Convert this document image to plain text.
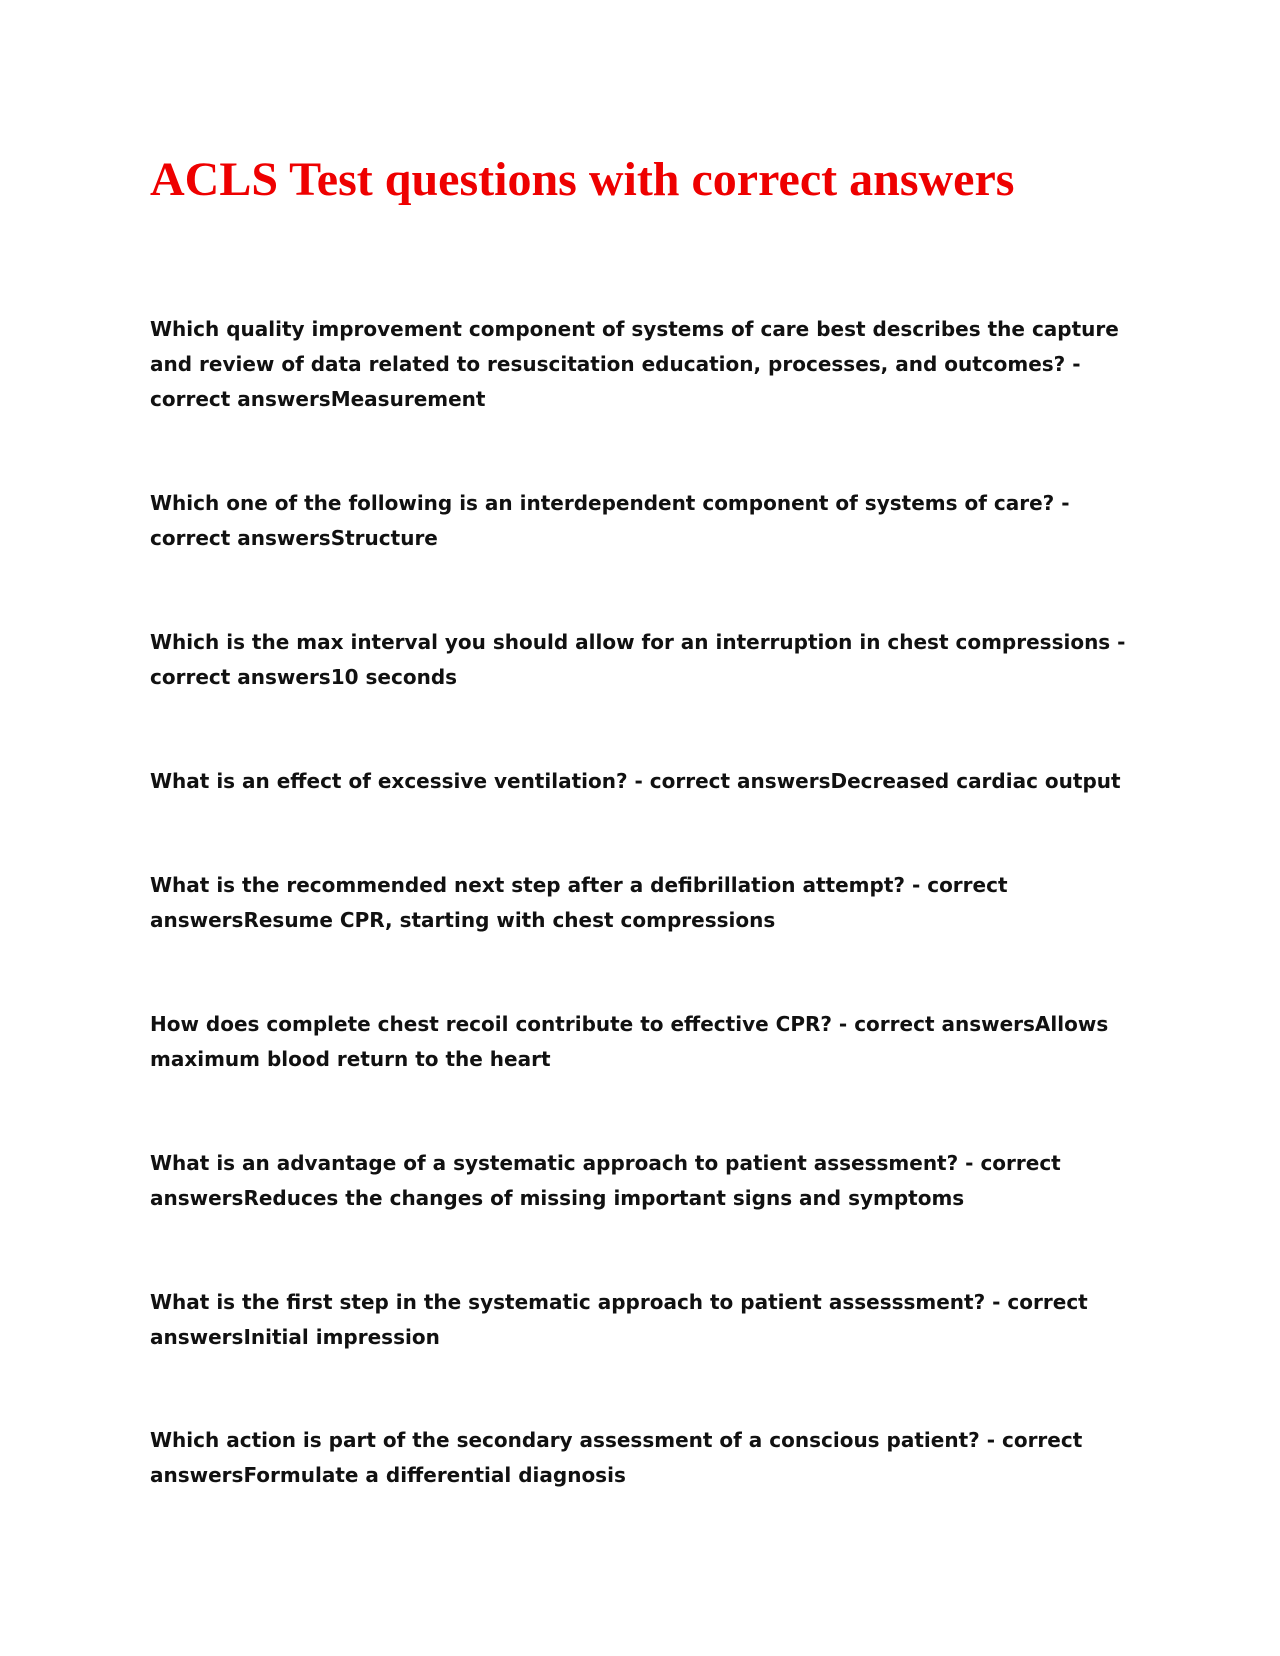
ACLS Test questions with correct answers

Which quality improvement component of systems of care best describes the capture and review of data related to resuscitation education, processes, and outcomes? - correct answersMeasurement

Which one of the following is an interdependent component of systems of care? - correct answersStructure

Which is the max interval you should allow for an interruption in chest compressions - correct answers10 seconds

What is an effect of excessive ventilation? - correct answersDecreased cardiac output

What is the recommended next step after a defibrillation attempt? - correct answersResume CPR, starting with chest compressions

How does complete chest recoil contribute to effective CPR? - correct answersAllows maximum blood return to the heart

What is an advantage of a systematic approach to patient assessment? - correct answersReduces the changes of missing important signs and symptoms

What is the first step in the systematic approach to patient assesssment? - correct answersInitial impression

Which action is part of the secondary assessment of a conscious patient? - correct answersFormulate a differential diagnosis
